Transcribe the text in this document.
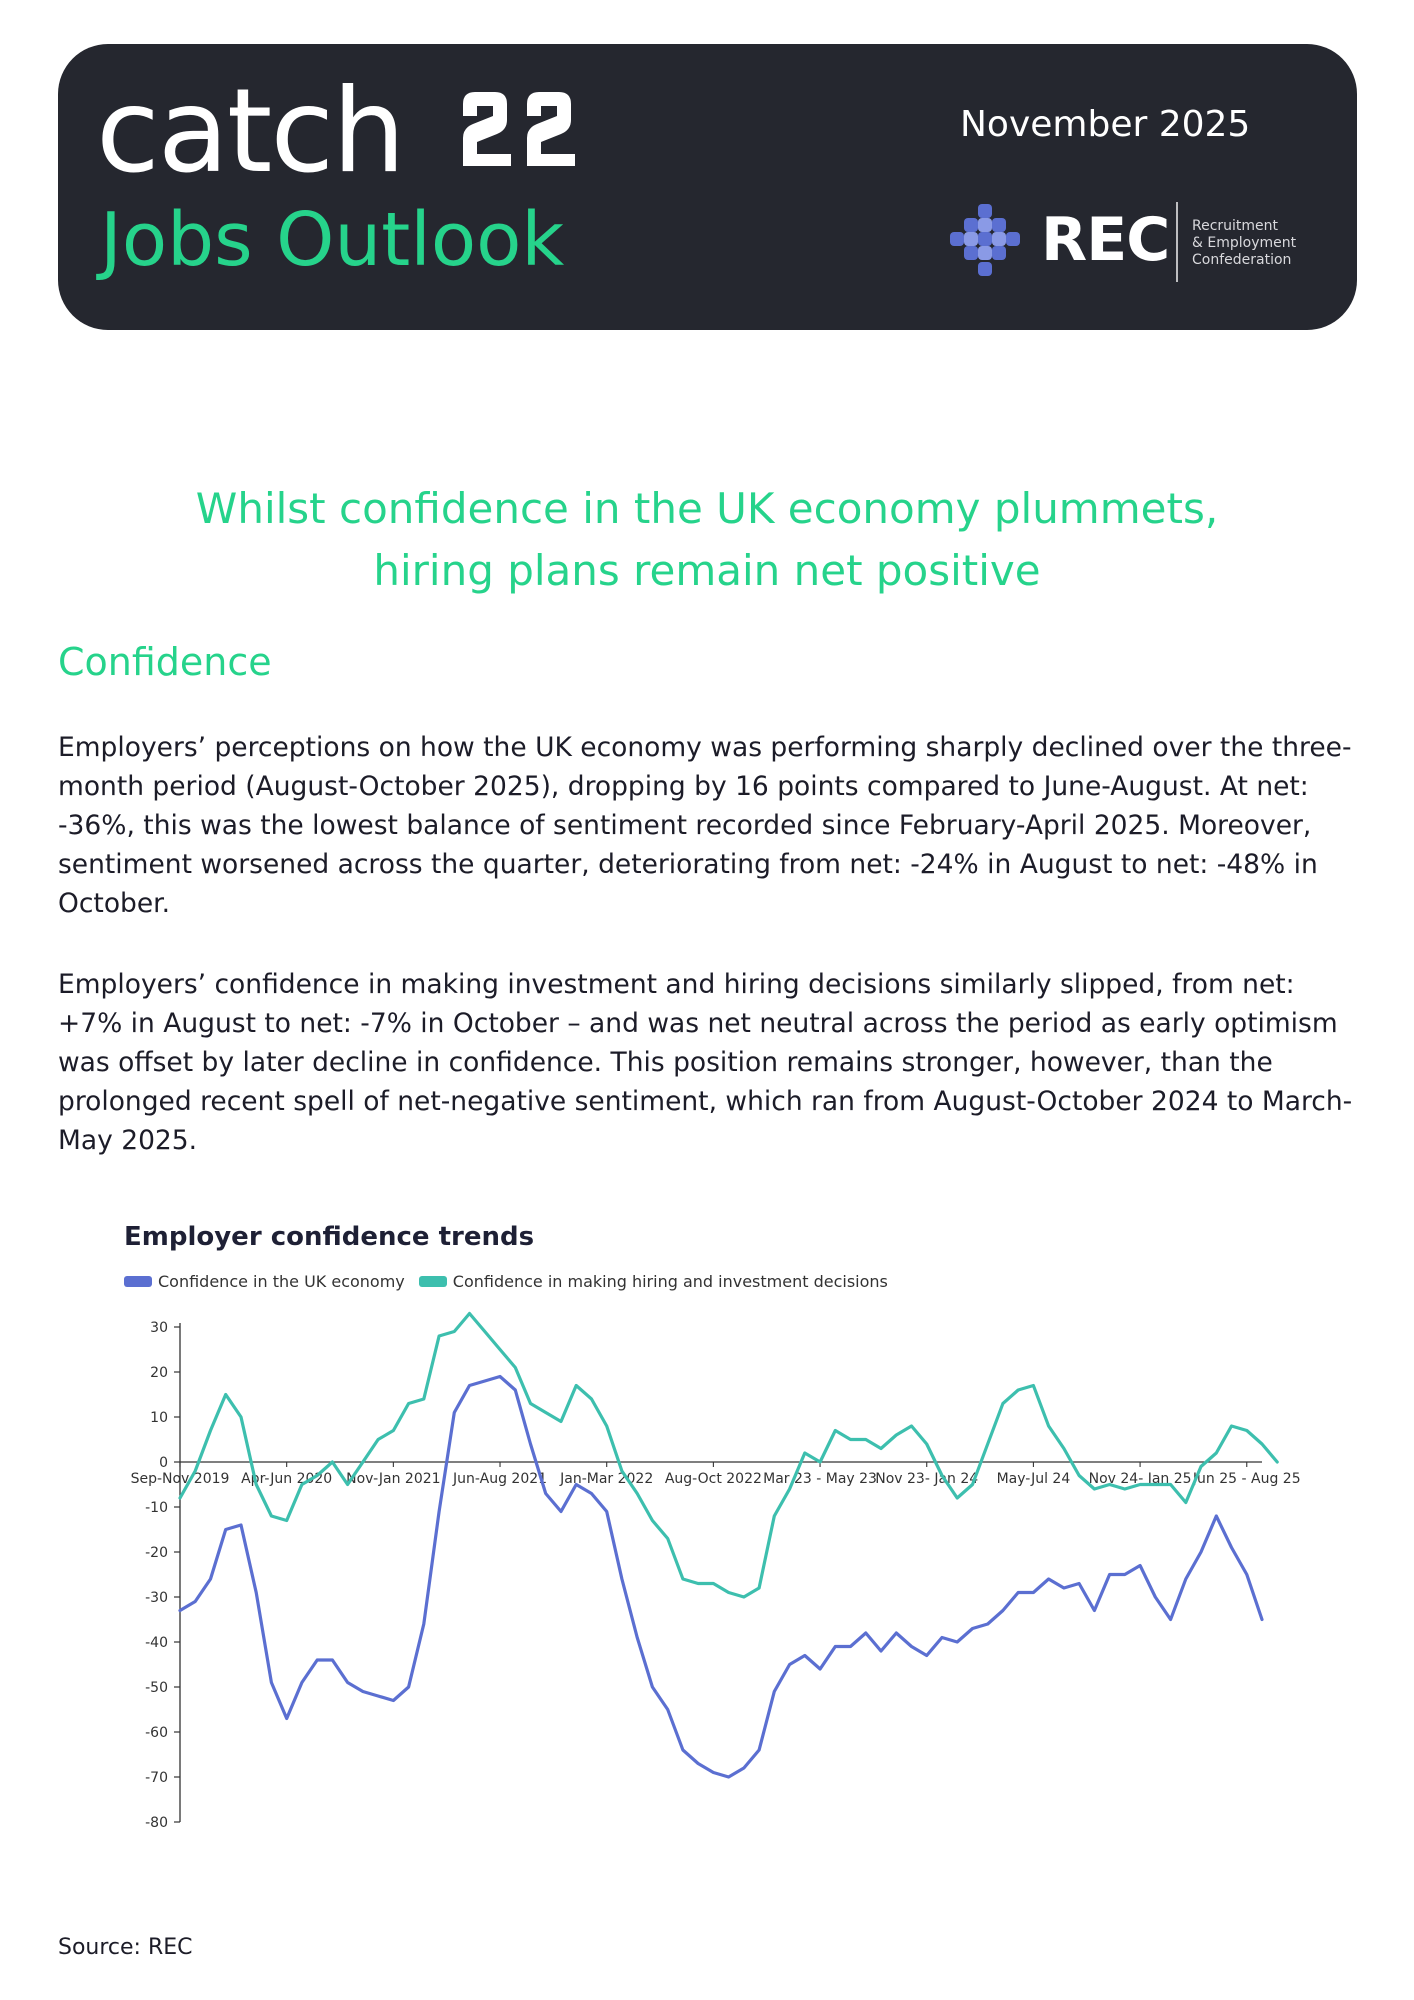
catch
Jobs Outlook
November 2025
REC Recruitment
& Employment
Confederation
Whilst confidence in the UK economy plummets,
hiring plans remain net positive
Confidence
Employers’ perceptions on how the UK economy was performing sharply declined over the three-month period (August-October 2025), dropping by 16 points compared to June-August. At net: -36%, this was the lowest balance of sentiment recorded since February-April 2025. Moreover, sentiment worsened across the quarter, deteriorating from net: -24% in August to net: -48% in October.
Employers’ confidence in making investment and hiring decisions similarly slipped, from net: +7% in August to net: -7% in October – and was net neutral across the period as early optimism was offset by later decline in confidence. This position remains stronger, however, than the prolonged recent spell of net-negative sentiment, which ran from August-October 2024 to March-May 2025.
Employer confidence trends
Confidence in the UK economy	Confidence in making hiring and investment decisions
30
20
10
0
-10
-20
-30
-40
-50
-60
-70
-80
Sep-Nov 2019 Apr-Jun 2020 Nov-Jan 2021 Jun-Aug 2021 Jan-Mar 2022 Aug-Oct 2022 Mar 23 - May 23
Nov 23- Jan 24 May-Jul 24 Nov 24- Jan 25 Jun 25 - Aug 25
Source: REC
